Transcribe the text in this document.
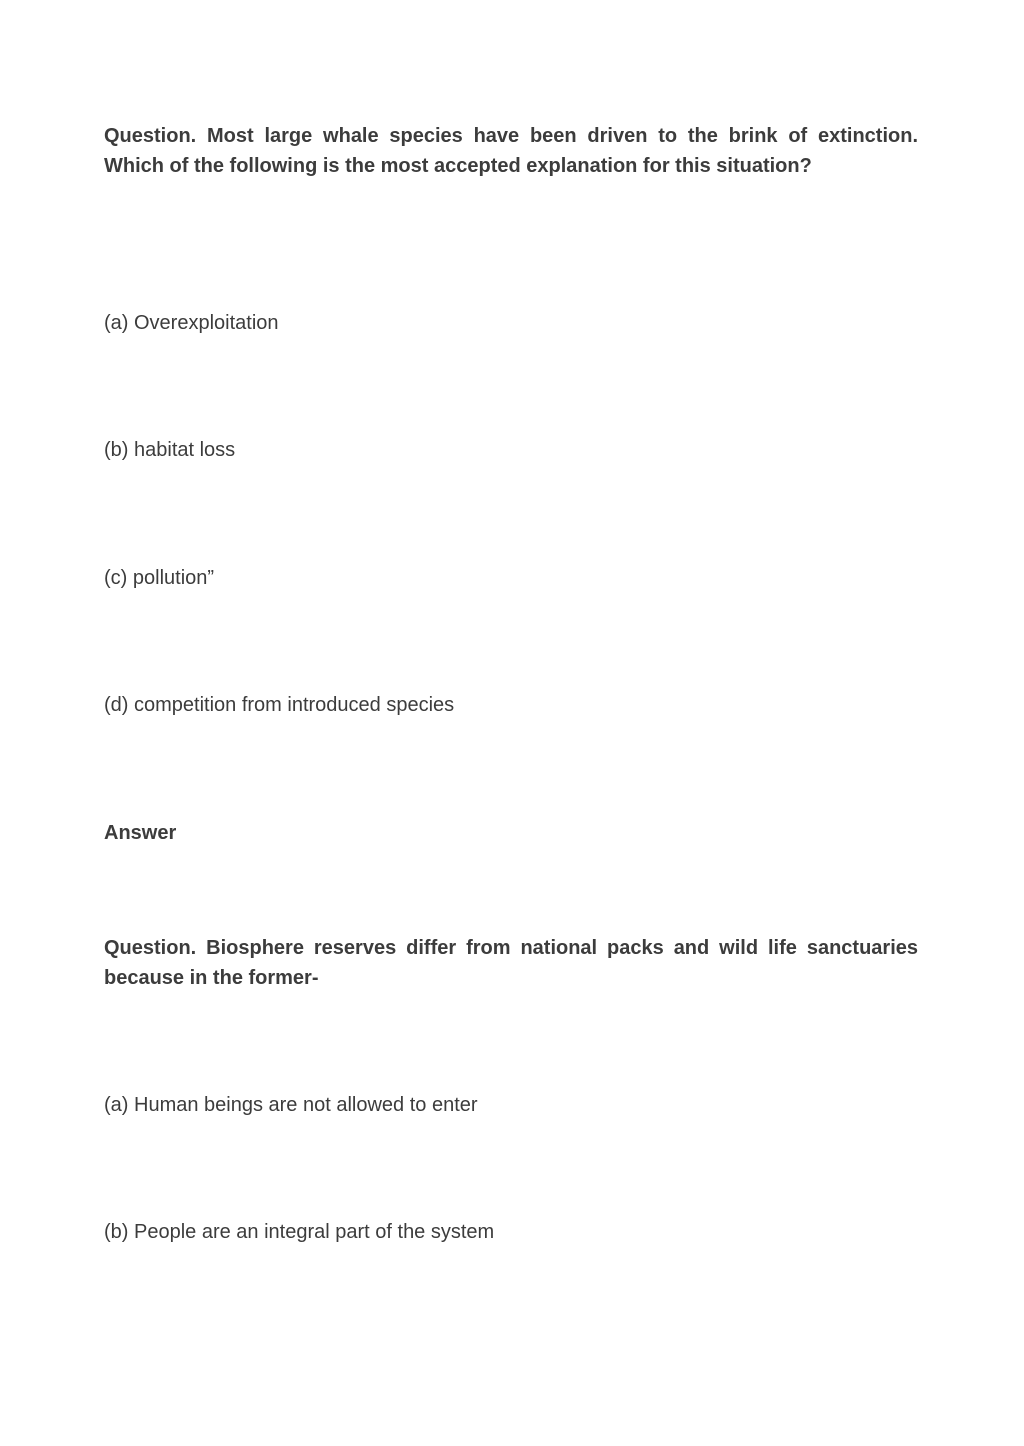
Question. Most large whale species have been driven to the brink of extinction. Which of the following is the most accepted explanation for this situation?

(a) Overexploitation

(b) habitat loss

(c) pollution”

(d) competition from introduced species

Answer

Question. Biosphere reserves differ from national packs and wild life sanctuaries because in the former-

(a) Human beings are not allowed to enter

(b) People are an integral part of the system
